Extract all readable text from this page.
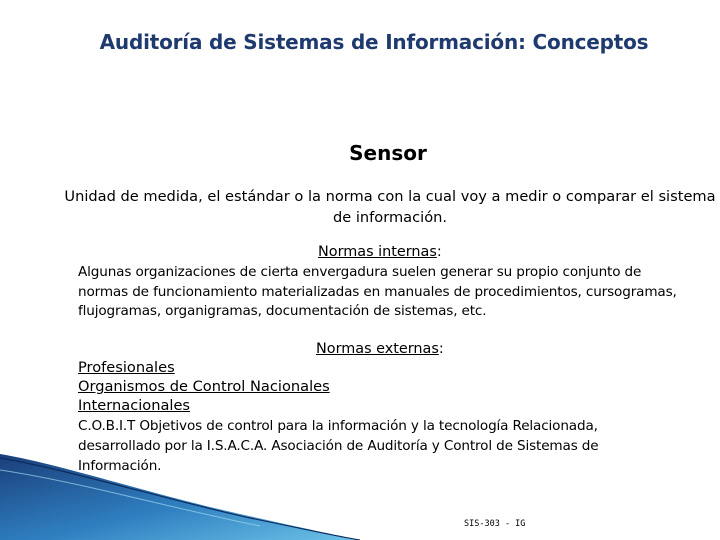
Auditoría de Sistemas de Información: Conceptos
Sensor
Unidad de medida, el estándar o la norma con la cual voy a medir o comparar el sistema de información.
Normas internas:
Algunas organizaciones de cierta envergadura suelen generar su propio conjunto de normas de funcionamiento materializadas en manuales de procedimientos, cursogramas, flujogramas, organigramas, documentación de sistemas, etc.
Normas externas:
Profesionales
Organismos de Control Nacionales
Internacionales
C.O.B.I.T Objetivos de control para la información y la tecnología Relacionada, desarrollado por la I.S.A.C.A. Asociación de Auditoría y Control de Sistemas de Información.
SIS-303 - IG
